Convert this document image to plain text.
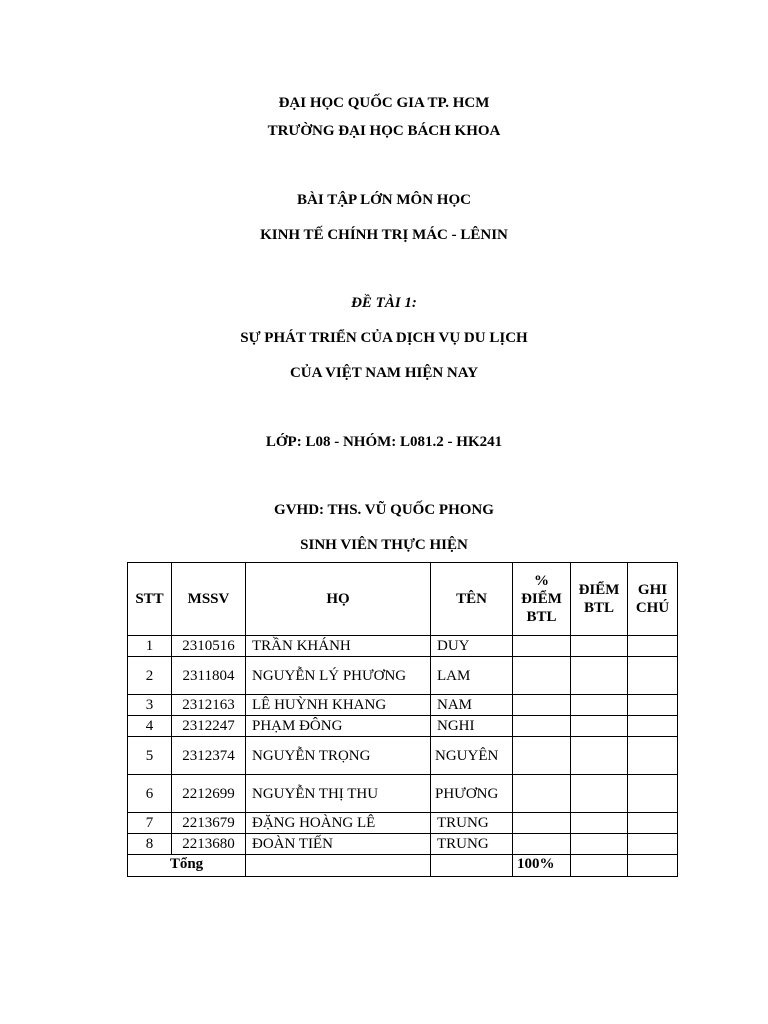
ĐẠI HỌC QUỐC GIA TP. HCM
TRƯỜNG ĐẠI HỌC BÁCH KHOA
BÀI TẬP LỚN MÔN HỌC
KINH TẾ CHÍNH TRỊ MÁC - LÊNIN
ĐỀ TÀI 1:
SỰ PHÁT TRIỂN CỦA DỊCH VỤ DU LỊCH
CỦA VIỆT NAM HIỆN NAY
LỚP: L08 - NHÓM: L081.2 - HK241
GVHD: THS. VŨ QUỐC PHONG
SINH VIÊN THỰC HIỆN
STT	MSSV	HỌ	TÊN	% ĐIỂM BTL	ĐIỂM BTL	GHI CHÚ
1	2310516	TRẦN KHÁNH	DUY			
2	2311804	NGUYỄN LÝ PHƯƠNG	LAM			
3	2312163	LÊ HUỲNH KHANG	NAM			
4	2312247	PHẠM ĐÔNG	NGHI			
5	2312374	NGUYỄN TRỌNG	NGUYÊN			
6	2212699	NGUYỄN THỊ THU	PHƯƠNG			
7	2213679	ĐẶNG HOÀNG LÊ	TRUNG			
8	2213680	ĐOÀN TIẾN	TRUNG			
Tổng				100%		
